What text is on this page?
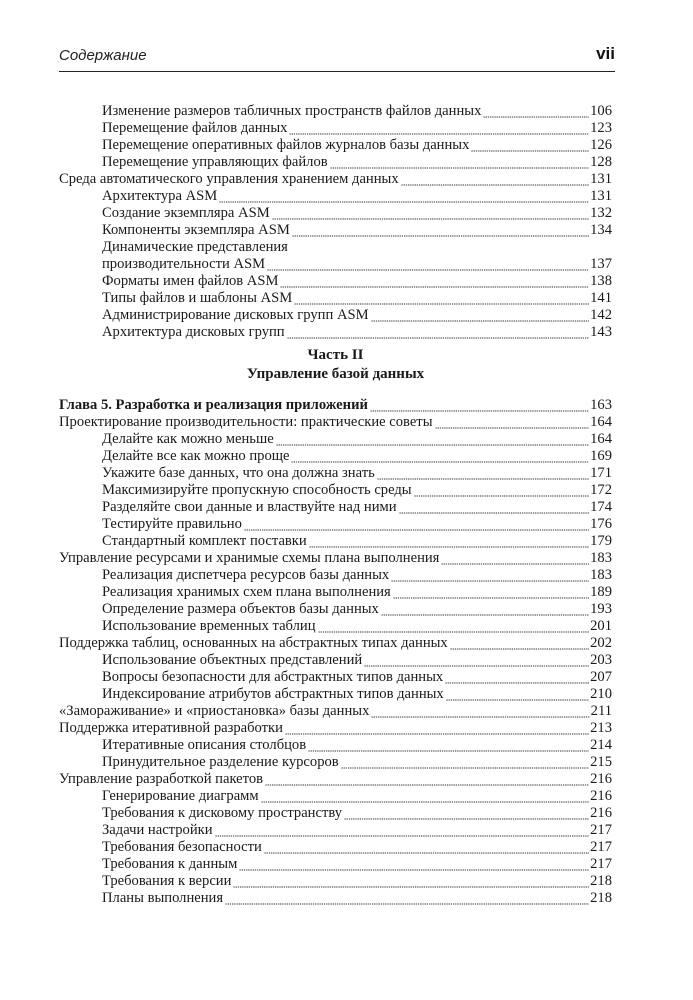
Содержание	vii
Изменение размеров табличных пространств файлов данных	106
Перемещение файлов данных	123
Перемещение оперативных файлов журналов базы данных	126
Перемещение управляющих файлов	128
Среда автоматического управления хранением данных	131
Архитектура ASM	131
Создание экземпляра ASM	132
Компоненты экземпляра ASM	134
Динамические представления
производительности ASM	137
Форматы имен файлов ASM	138
Типы файлов и шаблоны ASM	141
Администрирование дисковых групп ASM	142
Архитектура дисковых групп	143
Часть II
Управление базой данных
Глава 5. Разработка и реализация приложений	163
Проектирование производительности: практические советы	164
Делайте как можно меньше	164
Делайте все как можно проще	169
Укажите базе данных, что она должна знать	171
Максимизируйте пропускную способность среды	172
Разделяйте свои данные и властвуйте над ними	174
Тестируйте правильно	176
Стандартный комплект поставки	179
Управление ресурсами и хранимые схемы плана выполнения	183
Реализация диспетчера ресурсов базы данных	183
Реализация хранимых схем плана выполнения	189
Определение размера объектов базы данных	193
Использование временных таблиц	201
Поддержка таблиц, основанных на абстрактных типах данных	202
Использование объектных представлений	203
Вопросы безопасности для абстрактных типов данных	207
Индексирование атрибутов абстрактных типов данных	210
«Замораживание» и «приостановка» базы данных	211
Поддержка итеративной разработки	213
Итеративные описания столбцов	214
Принудительное разделение курсоров	215
Управление разработкой пакетов	216
Генерирование диаграмм	216
Требования к дисковому пространству	216
Задачи настройки	217
Требования безопасности	217
Требования к данным	217
Требования к версии	218
Планы выполнения	218
